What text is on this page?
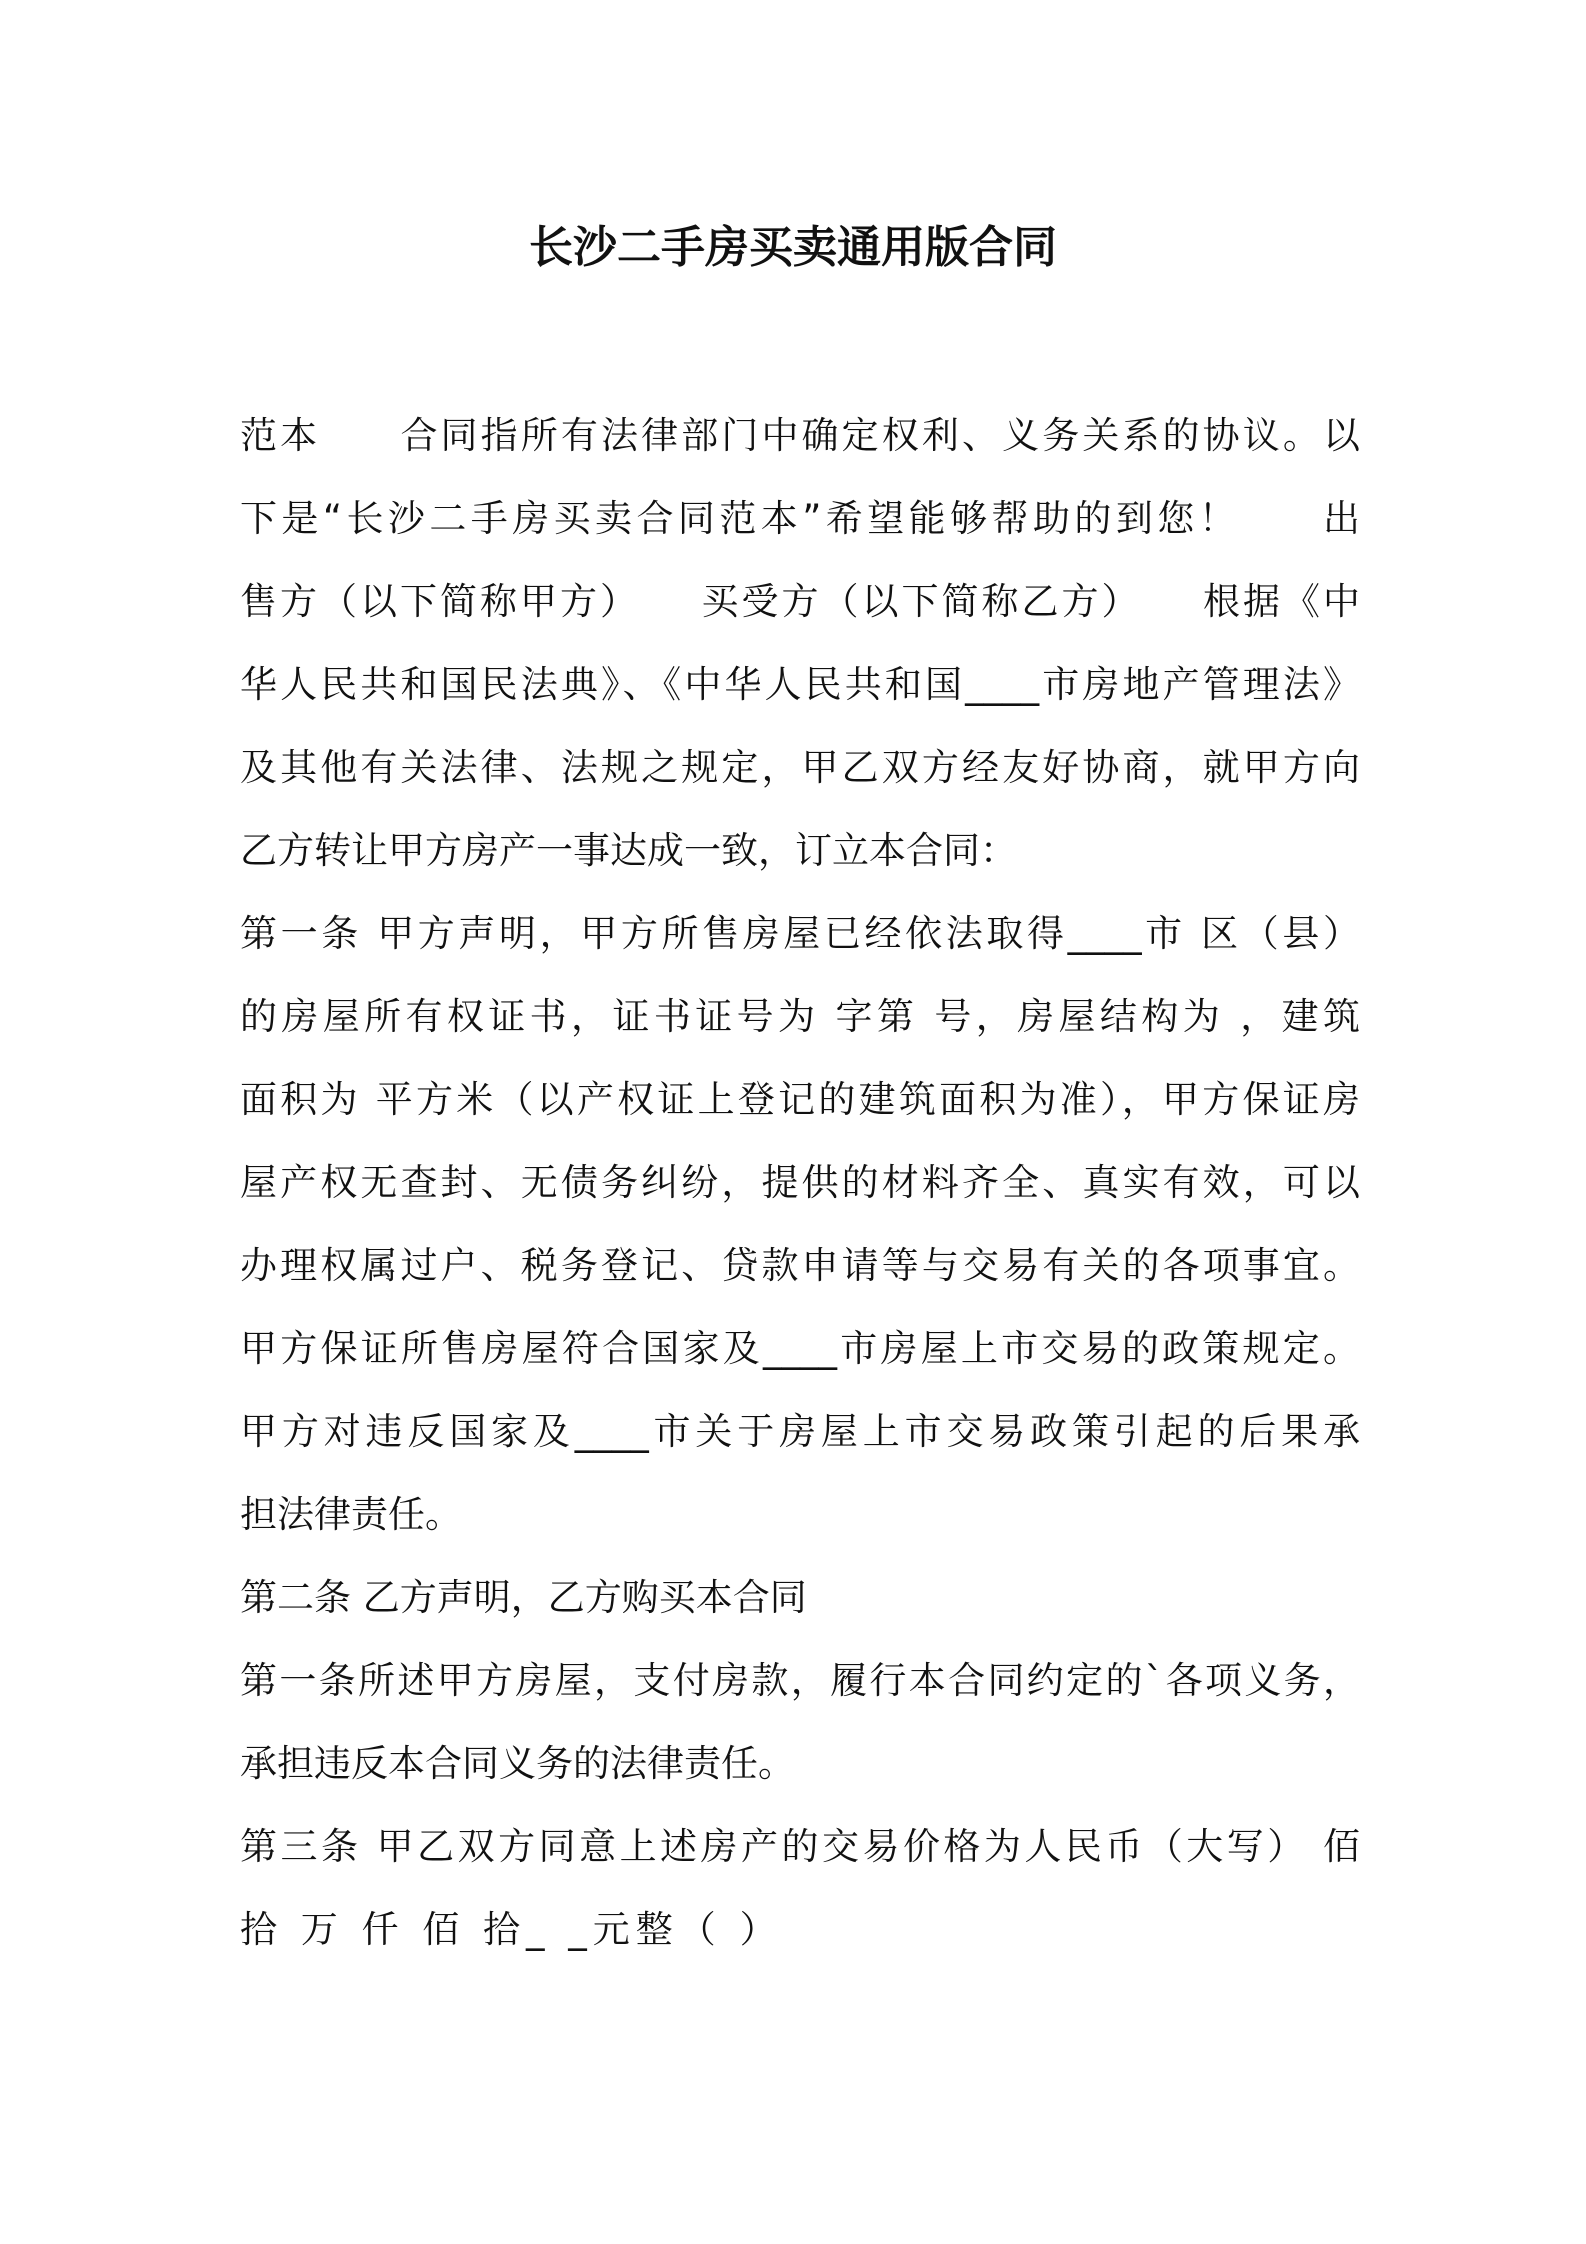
长沙二手房买卖通用版合同

范本　　合同指所有法律部门中确定权利、义务关系的协议。以

下是“长沙二手房买卖合同范本”希望能够帮助的到您！　　出

售方（以下简称甲方）　　买受方（以下简称乙方）　　根据《中

华人民共和国民法典》、《中华人民共和国____市房地产管理法》

及其他有关法律、法规之规定，甲乙双方经友好协商，就甲方向

乙方转让甲方房产一事达成一致，订立本合同：

第一条 甲方声明，甲方所售房屋已经依法取得____市 区（县）

的房屋所有权证书，证书证号为 字第 号，房屋结构为 ，建筑

面积为 平方米（以产权证上登记的建筑面积为准），甲方保证房

屋产权无查封、无债务纠纷，提供的材料齐全、真实有效，可以

办理权属过户、税务登记、贷款申请等与交易有关的各项事宜。

甲方保证所售房屋符合国家及____市房屋上市交易的政策规定。

甲方对违反国家及____市关于房屋上市交易政策引起的后果承

担法律责任。

第二条 乙方声明，乙方购买本合同

第一条所述甲方房屋，支付房款，履行本合同约定的`各项义务，

承担违反本合同义务的法律责任。

第三条 甲乙双方同意上述房产的交易价格为人民币（大写） 佰

拾 万 仟 佰 拾_ _元整（ ）
